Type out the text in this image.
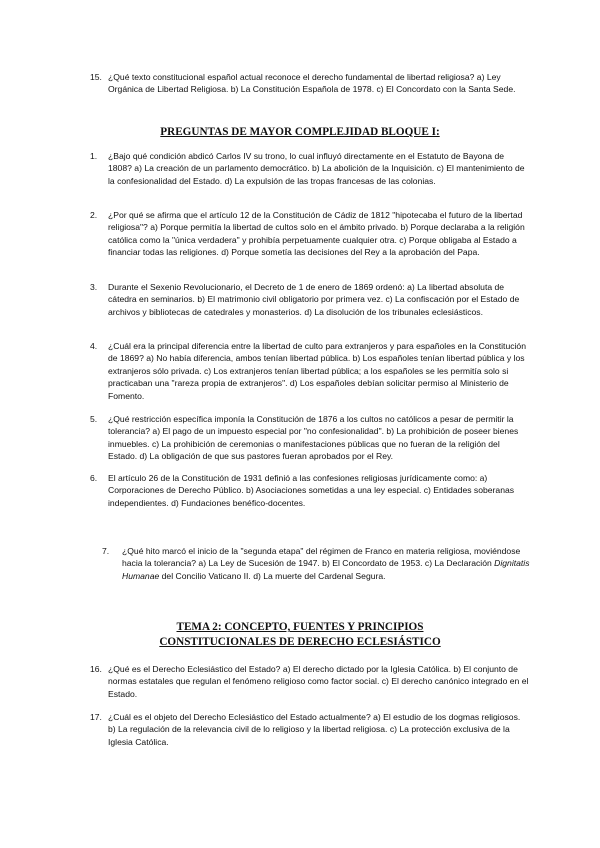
15. ¿Qué texto constitucional español actual reconoce el derecho fundamental de libertad religiosa? a) Ley Orgánica de Libertad Religiosa. b) La Constitución Española de 1978. c) El Concordato con la Santa Sede.
PREGUNTAS DE MAYOR COMPLEJIDAD BLOQUE I:
1.	¿Bajo qué condición abdicó Carlos IV su trono, lo cual influyó directamente en el Estatuto de Bayona de 1808? a) La creación de un parlamento democrático. b) La abolición de la Inquisición. c) El mantenimiento de la confesionalidad del Estado. d) La expulsión de las tropas francesas de las colonias.
2.	¿Por qué se afirma que el artículo 12 de la Constitución de Cádiz de 1812 "hipotecaba el futuro de la libertad religiosa"? a) Porque permitía la libertad de cultos solo en el ámbito privado. b) Porque declaraba a la religión católica como la "única verdadera" y prohibía perpetuamente cualquier otra. c) Porque obligaba al Estado a financiar todas las religiones. d) Porque sometía las decisiones del Rey a la aprobación del Papa.
3.	Durante el Sexenio Revolucionario, el Decreto de 1 de enero de 1869 ordenó: a) La libertad absoluta de cátedra en seminarios. b) El matrimonio civil obligatorio por primera vez. c) La confiscación por el Estado de archivos y bibliotecas de catedrales y monasterios. d) La disolución de los tribunales eclesiásticos.
4.	¿Cuál era la principal diferencia entre la libertad de culto para extranjeros y para españoles en la Constitución de 1869? a) No había diferencia, ambos tenían libertad pública. b) Los españoles tenían libertad pública y los extranjeros sólo privada. c) Los extranjeros tenían libertad pública; a los españoles se les permitía solo si practicaban una "rareza propia de extranjeros". d) Los españoles debían solicitar permiso al Ministerio de Fomento.
5.	¿Qué restricción específica imponía la Constitución de 1876 a los cultos no católicos a pesar de permitir la tolerancia? a) El pago de un impuesto especial por "no confesionalidad". b) La prohibición de poseer bienes inmuebles. c) La prohibición de ceremonias o manifestaciones públicas que no fueran de la religión del Estado. d) La obligación de que sus pastores fueran aprobados por el Rey.
6.	El artículo 26 de la Constitución de 1931 definió a las confesiones religiosas jurídicamente como: a) Corporaciones de Derecho Público. b) Asociaciones sometidas a una ley especial. c) Entidades soberanas independientes. d) Fundaciones benéfico-docentes.
7.	¿Qué hito marcó el inicio de la "segunda etapa" del régimen de Franco en materia religiosa, moviéndose hacia la tolerancia? a) La Ley de Sucesión de 1947. b) El Concordato de 1953. c) La Declaración Dignitatis Humanae del Concilio Vaticano II. d) La muerte del Cardenal Segura.
TEMA 2: CONCEPTO, FUENTES Y PRINCIPIOS CONSTITUCIONALES DE DERECHO ECLESIÁSTICO
16. ¿Qué es el Derecho Eclesiástico del Estado? a) El derecho dictado por la Iglesia Católica. b) El conjunto de normas estatales que regulan el fenómeno religioso como factor social. c) El derecho canónico integrado en el Estado.
17. ¿Cuál es el objeto del Derecho Eclesiástico del Estado actualmente? a) El estudio de los dogmas religiosos. b) La regulación de la relevancia civil de lo religioso y la libertad religiosa. c) La protección exclusiva de la Iglesia Católica.
